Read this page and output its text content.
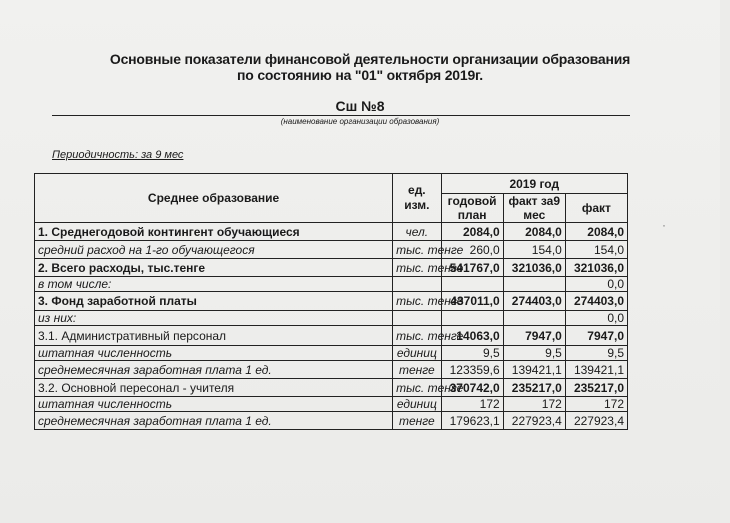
Основные показатели финансовой деятельности организации образования
по состоянию на "01" октября 2019г.
Сш №8
(наименование организации образования)
Периодичность: за 9 мес
Среднее образование	ед. изм.	2019 год		
		годовой план	факт за9 мес	факт

1. Среднегодовой контингент обучающиеся	чел.	2084,0	2084,0	2084,0
средний расход на 1-го обучающегося	тыс. тенге	260,0	154,0	154,0
2. Всего расходы, тыс.тенге	тыс. тенге	541767,0	321036,0	321036,0
в том числе:				0,0
3. Фонд заработной платы	тыс. тенге	437011,0	274403,0	274403,0
из них:				0,0
3.1. Административный персонал	тыс. тенге	14063,0	7947,0	7947,0
штатная численность	единиц	9,5	9,5	9,5
среднемесячная заработная плата 1 ед.	тенге	123359,6	139421,1	139421,1
3.2. Основной пересонал - учителя	тыс. тенге	370742,0	235217,0	235217,0
штатная численность	единиц	172	172	172
среднемесячная заработная плата 1 ед.	тенге	179623,1	227923,4	227923,4
·
